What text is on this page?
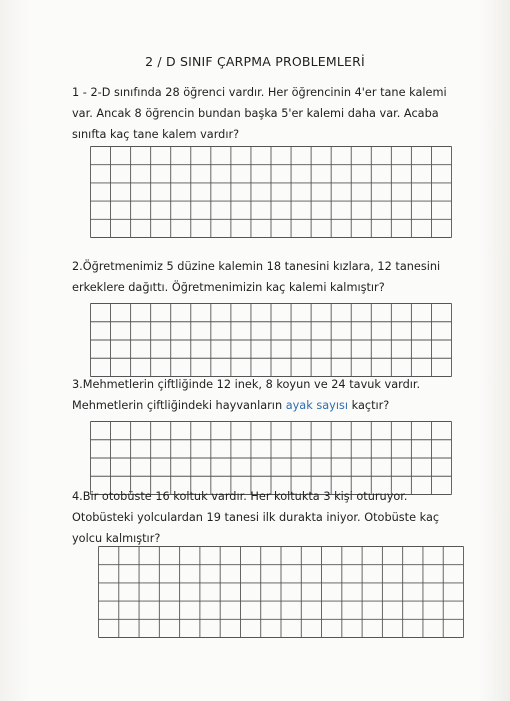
2 / D SINIF ÇARPMA PROBLEMLERİ

1 - 2-D sınıfında 28 öğrenci vardır. Her öğrencinin 4'er tane kalemi

var. Ancak 8 öğrencin bundan başka 5'er kalemi daha var. Acaba

sınıfta kaç tane kalem vardır?

2.Öğretmenimiz 5 düzine kalemin 18 tanesini kızlara, 12 tanesini

erkeklere dağıttı. Öğretmenimizin kaç kalemi kalmıştır?

3.Mehmetlerin çiftliğinde 12 inek, 8 koyun ve 24 tavuk vardır.

Mehmetlerin çiftliğindeki hayvanların ayak sayısı kaçtır?

4.Bir otobüste 16 koltuk vardır. Her koltukta 3 kişi oturuyor.

Otobüsteki yolculardan 19 tanesi ilk durakta iniyor. Otobüste kaç

yolcu kalmıştır?
